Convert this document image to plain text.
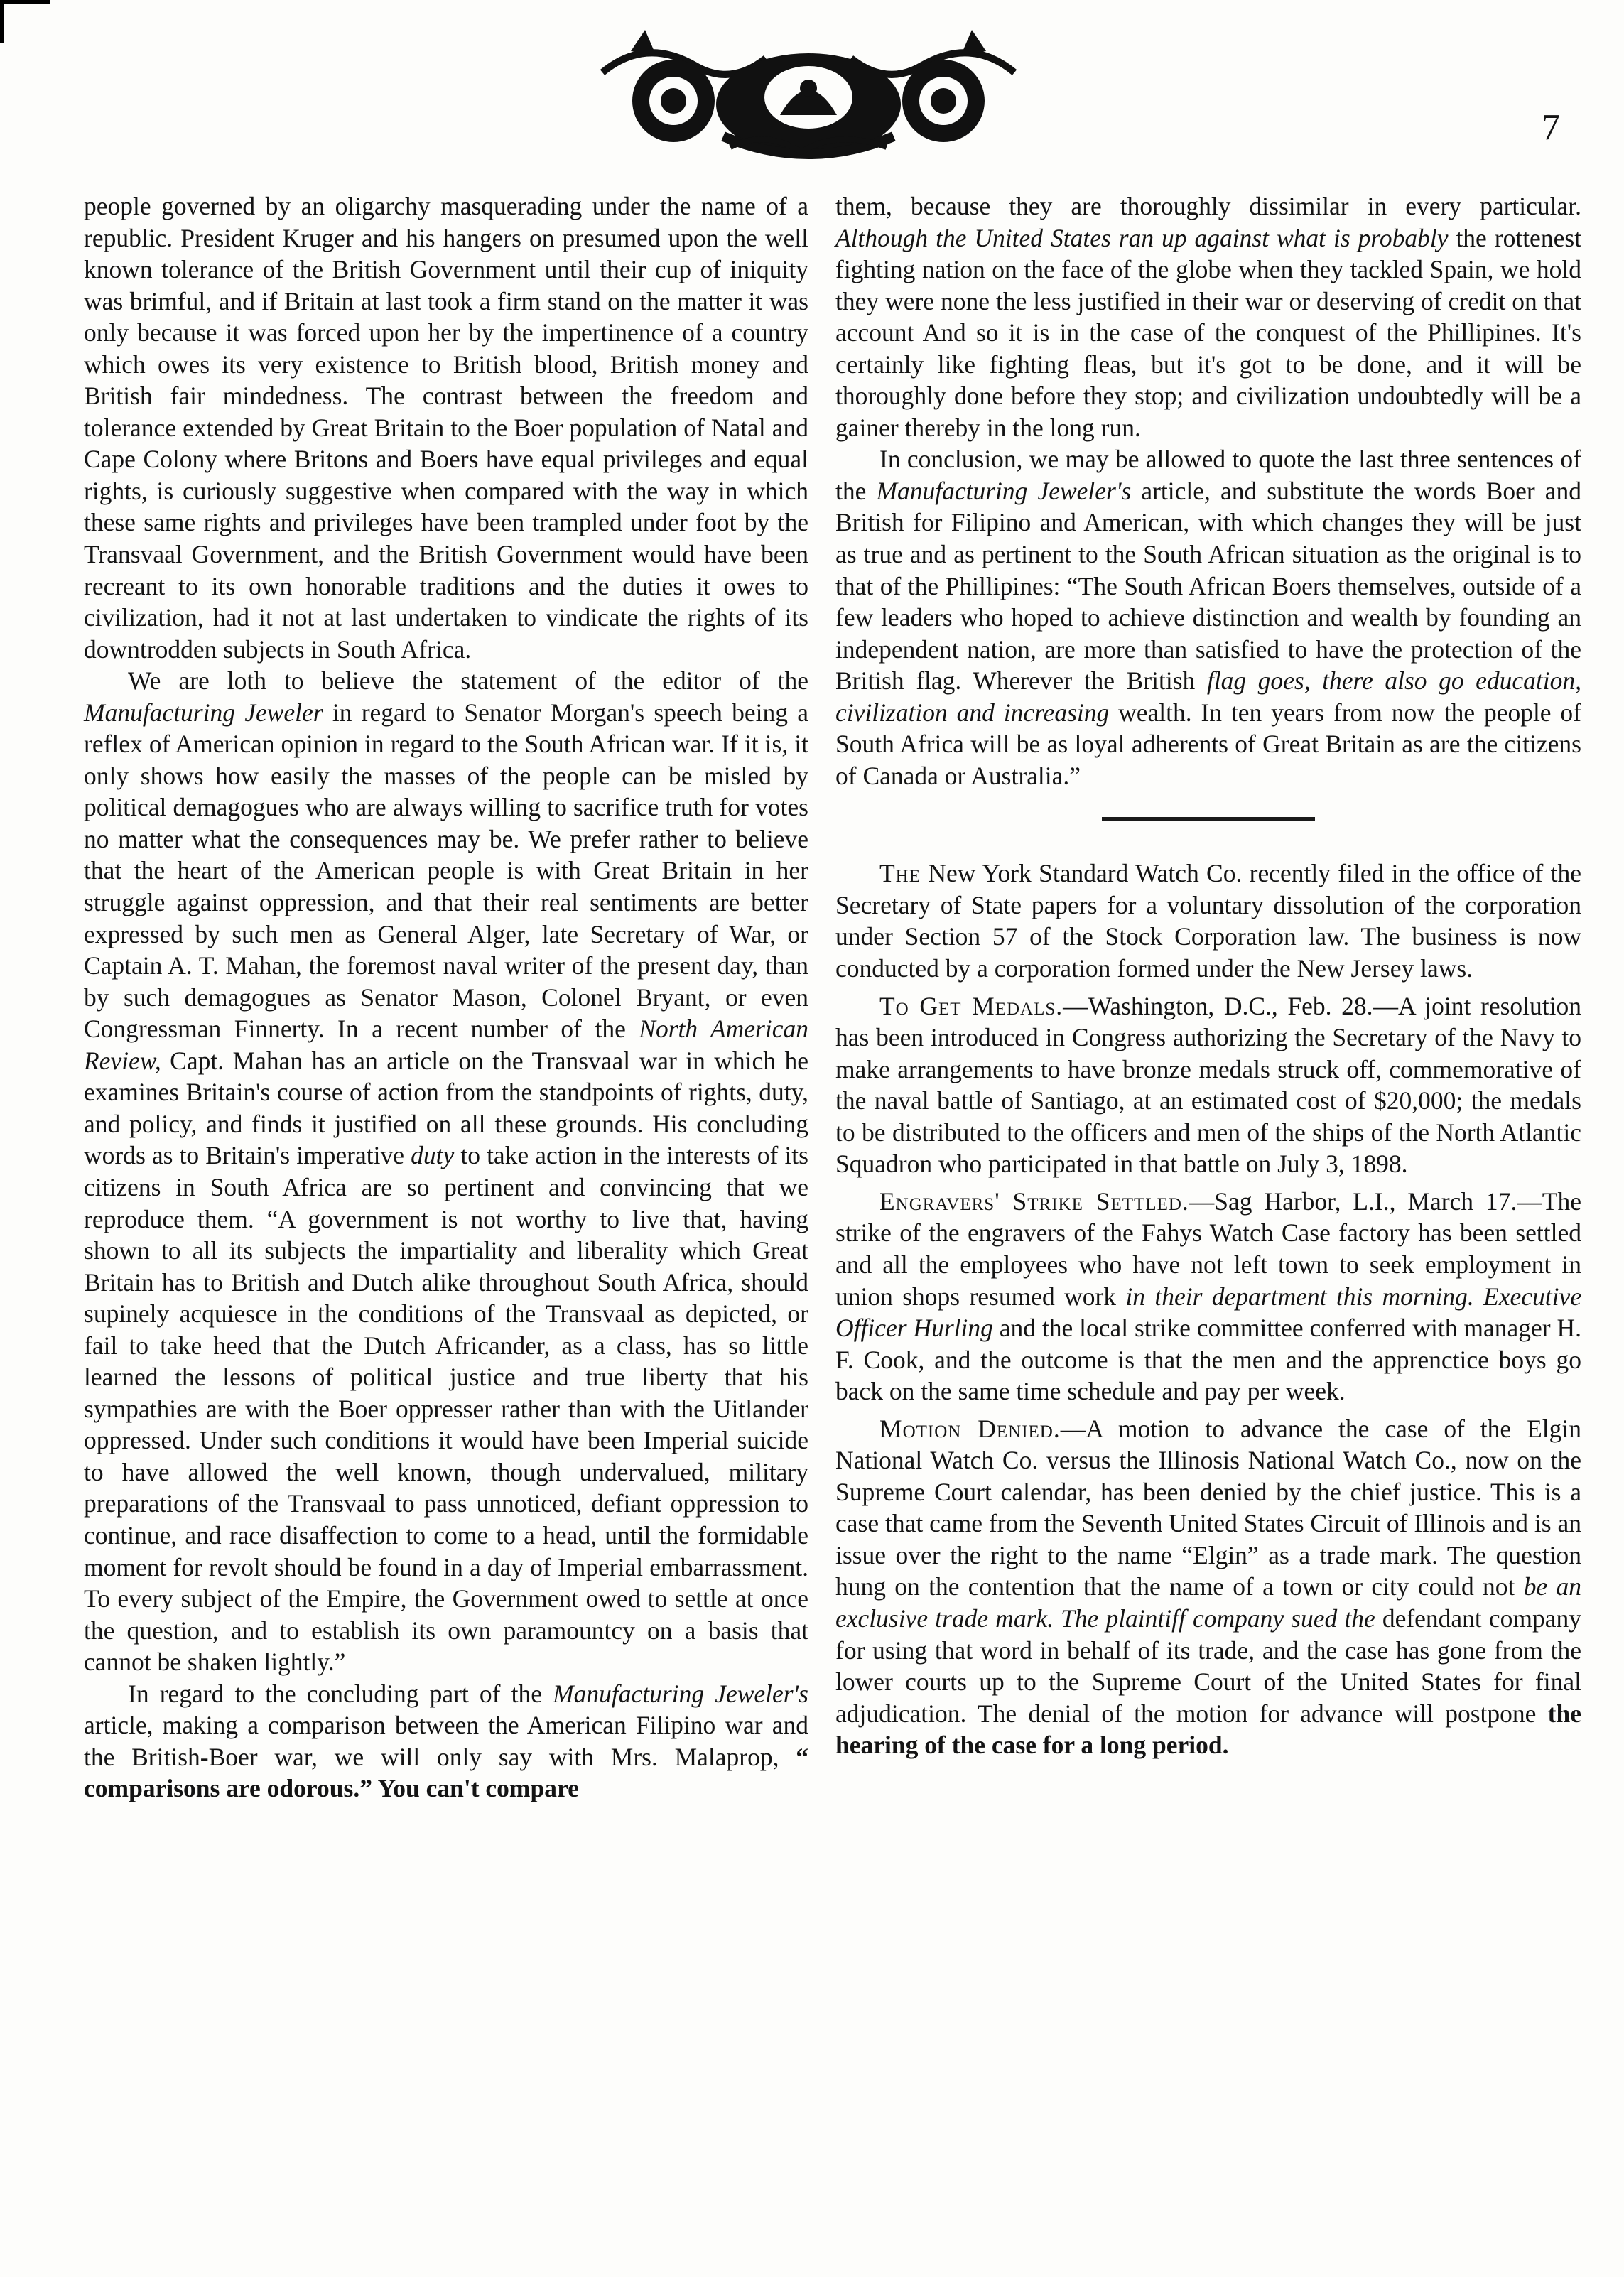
7

people governed by an oligarchy masquerading under the name of a republic. President Kruger and his hangers on presumed upon the well known tolerance of the British Government until their cup of iniquity was brimful, and if Britain at last took a firm stand on the matter it was only because it was forced upon her by the impertinence of a country which owes its very existence to British blood, British money and British fair mindedness. The contrast between the freedom and tolerance extended by Great Britain to the Boer population of Natal and Cape Colony where Britons and Boers have equal privileges and equal rights, is curiously suggestive when compared with the way in which these same rights and privileges have been trampled under foot by the Transvaal Government, and the British Government would have been recreant to its own honorable traditions and the duties it owes to civilization, had it not at last undertaken to vindicate the rights of its downtrodden subjects in South Africa.

We are loth to believe the statement of the editor of the Manufacturing Jeweler in regard to Senator Morgan's speech being a reflex of American opinion in regard to the South African war. If it is, it only shows how easily the masses of the people can be misled by political demagogues who are always willing to sacrifice truth for votes no matter what the consequences may be. We prefer rather to believe that the heart of the American people is with Great Britain in her struggle against oppression, and that their real sentiments are better expressed by such men as General Alger, late Secretary of War, or Captain A. T. Mahan, the foremost naval writer of the present day, than by such demagogues as Senator Mason, Colonel Bryant, or even Congressman Finnerty. In a recent number of the North American Review, Capt. Mahan has an article on the Transvaal war in which he examines Britain's course of action from the standpoints of rights, duty, and policy, and finds it justified on all these grounds. His concluding words as to Britain's imperative duty to take action in the interests of its citizens in South Africa are so pertinent and convincing that we reproduce them. “A government is not worthy to live that, having shown to all its subjects the impartiality and liberality which Great Britain has to British and Dutch alike throughout South Africa, should supinely acquiesce in the conditions of the Transvaal as depicted, or fail to take heed that the Dutch Africander, as a class, has so little learned the lessons of political justice and true liberty that his sympathies are with the Boer oppresser rather than with the Uitlander oppressed. Under such conditions it would have been Imperial suicide to have allowed the well known, though undervalued, military preparations of the Transvaal to pass unnoticed, defiant oppression to continue, and race disaffection to come to a head, until the formidable moment for revolt should be found in a day of Imperial embarrassment. To every subject of the Empire, the Government owed to settle at once the question, and to establish its own paramountcy on a basis that cannot be shaken lightly.”

In regard to the concluding part of the Manufacturing Jeweler's article, making a comparison between the American Filipino war and the British-Boer war, we will only say with Mrs. Malaprop, “ comparisons are odorous.” You can't compare

them, because they are thoroughly dissimilar in every particular. Although the United States ran up against what is probably the rottenest fighting nation on the face of the globe when they tackled Spain, we hold they were none the less justified in their war or deserving of credit on that account And so it is in the case of the conquest of the Phillipines. It's certainly like fighting fleas, but it's got to be done, and it will be thoroughly done before they stop; and civilization undoubtedly will be a gainer thereby in the long run.

In conclusion, we may be allowed to quote the last three sentences of the Manufacturing Jeweler's article, and substitute the words Boer and British for Filipino and American, with which changes they will be just as true and as pertinent to the South African situation as the original is to that of the Phillipines: “The South African Boers themselves, outside of a few leaders who hoped to achieve distinction and wealth by founding an independent nation, are more than satisfied to have the protection of the British flag. Wherever the British flag goes, there also go education, civilization and increasing wealth. In ten years from now the people of South Africa will be as loyal adherents of Great Britain as are the citizens of Canada or Australia.”

The New York Standard Watch Co. recently filed in the office of the Secretary of State papers for a voluntary dissolution of the corporation under Section 57 of the Stock Corporation law. The business is now conducted by a corporation formed under the New Jersey laws.

To Get Medals.—Washington, D.C., Feb. 28.—A joint resolution has been introduced in Congress authorizing the Secretary of the Navy to make arrangements to have bronze medals struck off, commemorative of the naval battle of Santiago, at an estimated cost of $20,000; the medals to be distributed to the officers and men of the ships of the North Atlantic Squadron who participated in that battle on July 3, 1898.

Engravers' Strike Settled.—Sag Harbor, L.I., March 17.—The strike of the engravers of the Fahys Watch Case factory has been settled and all the employees who have not left town to seek employment in union shops resumed work in their department this morning. Executive Officer Hurling and the local strike committee conferred with manager H. F. Cook, and the outcome is that the men and the apprenctice boys go back on the same time schedule and pay per week.

Motion Denied.—A motion to advance the case of the Elgin National Watch Co. versus the Illinosis National Watch Co., now on the Supreme Court calendar, has been denied by the chief justice. This is a case that came from the Seventh United States Circuit of Illinois and is an issue over the right to the name “Elgin” as a trade mark. The question hung on the contention that the name of a town or city could not be an exclusive trade mark. The plaintiff company sued the defendant company for using that word in behalf of its trade, and the case has gone from the lower courts up to the Supreme Court of the United States for final adjudication. The denial of the motion for advance will postpone the hearing of the case for a long period.
